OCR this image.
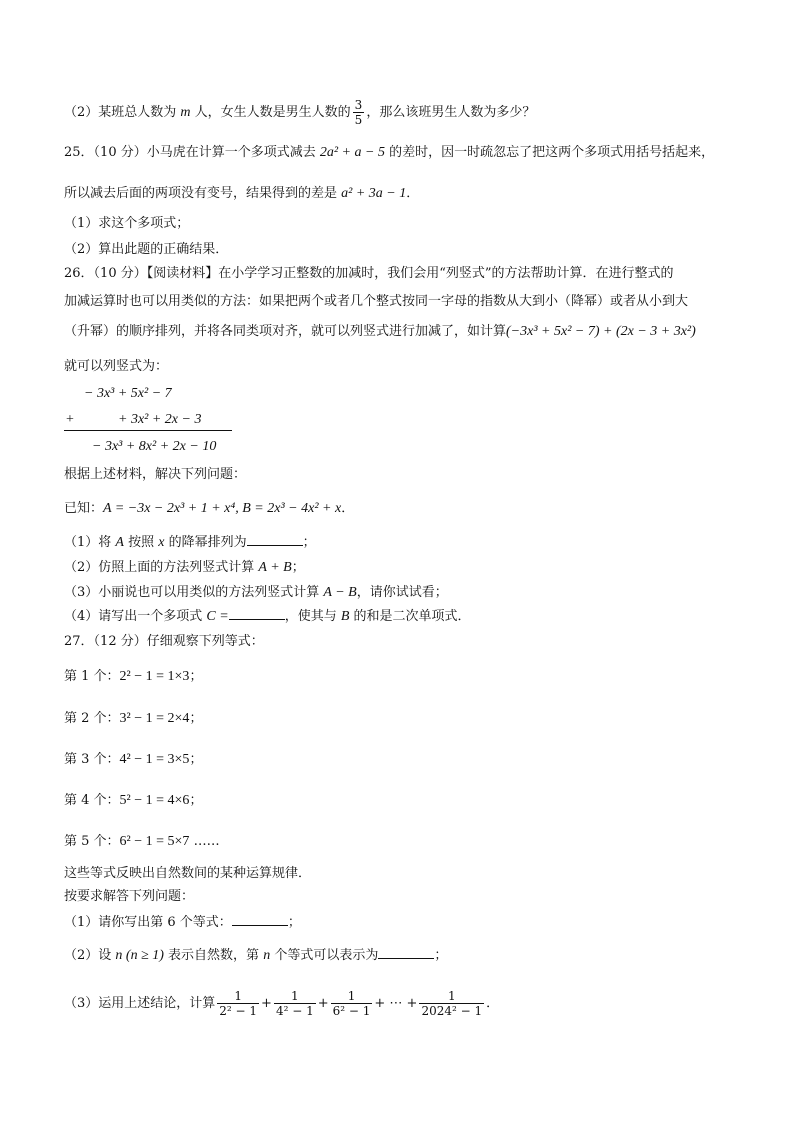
（2）某班总人数为 m 人，女生人数是男生人数的 $\frac{3}{5}$ ，那么该班男生人数为多少？
25．（10 分）小马虎在计算一个多项式减去 2a² + a − 5 的差时，因一时疏忽忘了把这两个多项式用括号括起来，
所以减去后面的两项没有变号，结果得到的差是 a² + 3a − 1．
（1）求这个多项式；
（2）算出此题的正确结果．
26．（10 分）【阅读材料】在小学学习正整数的加减时，我们会用“列竖式”的方法帮助计算．在进行整式的
加减运算时也可以用类似的方法：如果把两个或者几个整式按同一字母的指数从大到小（降幂）或者从小到大
（升幂）的顺序排列，并将各同类项对齐，就可以列竖式进行加减了，如计算(−3x³ + 5x² − 7) + (2x − 3 + 3x²)
就可以列竖式为：
− 3x³ + 5x² − 7
+	+ 3x² + 2x − 3
− 3x³ + 8x² + 2x − 10
根据上述材料，解决下列问题：
已知：A = −3x − 2x³ + 1 + x⁴, B = 2x³ − 4x² + x．
（1）将 A 按照 x 的降幂排列为	；
（2）仿照上面的方法列竖式计算 A + B；
（3）小丽说也可以用类似的方法列竖式计算 A − B，请你试试看；
（4）请写出一个多项式 C =	，使其与 B 的和是二次单项式．
27．（12 分）仔细观察下列等式：
第 1 个：2² − 1 = 1×3；
第 2 个：3² − 1 = 2×4；
第 3 个：4² − 1 = 3×5；
第 4 个：5² − 1 = 4×6；
第 5 个：6² − 1 = 5×7 ……
这些等式反映出自然数间的某种运算规律．
按要求解答下列问题：
（1）请你写出第 6 个等式：	；
（2）设 n (n ≥ 1) 表示自然数，第 n 个等式可以表示为	；
（3）运用上述结论，计算 $\frac{1}{\text{2² − 1}} + \frac{1}{\text{4² − 1}} + \frac{1}{\text{6² − 1}}$ + ⋯ + $\frac{1}{\text{2024² − 1}}$ ．
